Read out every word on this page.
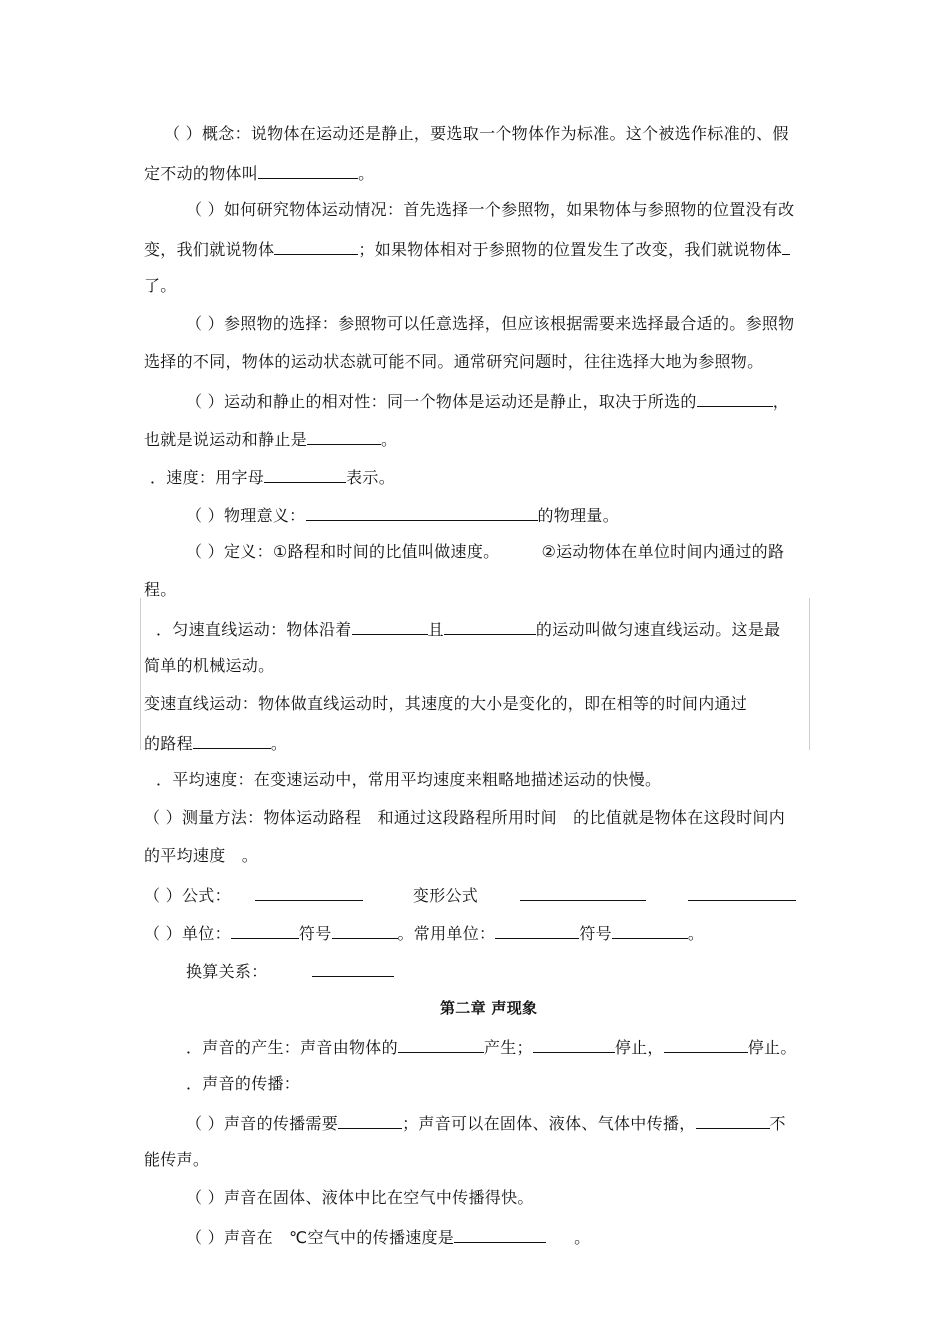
（ ）概念：说物体在运动还是静止，要选取一个物体作为标准。这个被选作标准的、假
定不动的物体叫	。
（ ）如何研究物体运动情况：首先选择一个参照物，如果物体与参照物的位置没有改
变，我们就说物体	；如果物体相对于参照物的位置发生了改变，我们就说物体
了。
（ ）参照物的选择：参照物可以任意选择，但应该根据需要来选择最合适的。参照物
选择的不同，物体的运动状态就可能不同。通常研究问题时，往往选择大地为参照物。
（ ）运动和静止的相对性：同一个物体是运动还是静止，取决于所选的	，
也就是说运动和静止是	。
．速度：用字母	表示。
（ ）物理意义：	的物理量。
（ ）定义：①路程和时间的比值叫做速度。	②运动物体在单位时间内通过的路
程。
．匀速直线运动：物体沿着	且	的运动叫做匀速直线运动。这是最
简单的机械运动。
变速直线运动：物体做直线运动时，其速度的大小是变化的，即在相等的时间内通过
的路程	。
．平均速度：在变速运动中，常用平均速度来粗略地描述运动的快慢。
（ ）测量方法：物体运动路程　和通过这段路程所用时间　的比值就是物体在这段时间内
的平均速度　。
（ ）公式：	变形公式
（ ）单位：	符号	。常用单位：	符号	。
换算关系：
第二章 声现象
．声音的产生：声音由物体的	产生；	停止，	停止。
．声音的传播：
（ ）声音的传播需要	；声音可以在固体、液体、气体中传播，	不
能传声。
（ ）声音在固体、液体中比在空气中传播得快。
（ ）声音在　℃空气中的传播速度是	。
